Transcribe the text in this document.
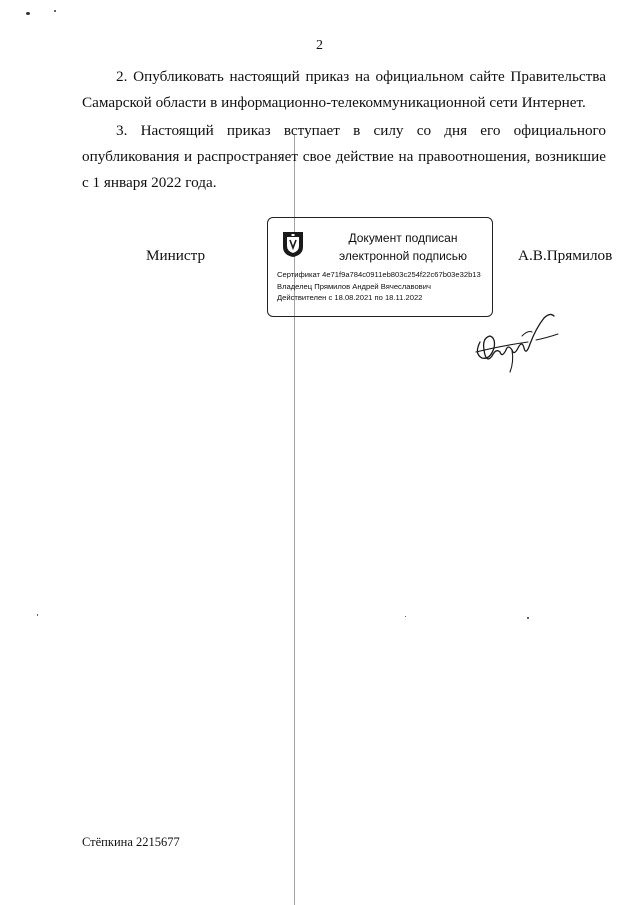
2

2. Опубликовать настоящий приказ на официальном сайте Правительства Самарской области в информационно-телекоммуникационной сети Интернет.

3. Настоящий приказ вступает в силу со дня его официального опубликования и распространяет свое действие на правоотношения, возникшие с 1 января 2022 года.

Министр
Документ подписан
электронной подписью
Сертификат 4e71f9a784c0911eb803c254f22c67b03e32b13
Владелец Прямилов Андрей Вячеславович
Действителен с 18.08.2021 по 18.11.2022
А.В.Прямилов
Стёпкина 2215677
